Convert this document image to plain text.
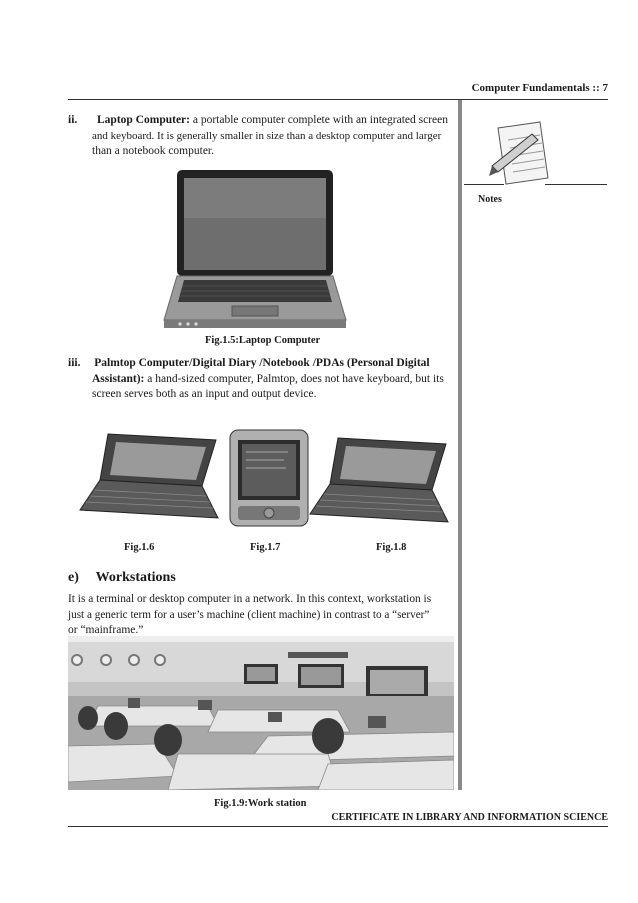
Computer Fundamentals :: 7
Notes
ii. Laptop Computer: a portable computer complete with an integrated screen
and keyboard. It is generally smaller in size than a desktop computer and larger
than a notebook computer.
Fig.1.5:Laptop Computer
iii. Palmtop Computer/Digital Diary /Notebook /PDAs (Personal Digital
Assistant): a hand-sized computer, Palmtop, does not have keyboard, but its
screen serves both as an input and output device.
Fig.1.6	Fig.1.7	Fig.1.8
e) Workstations
It is a terminal or desktop computer in a network. In this context, workstation is
just a generic term for a user’s machine (client machine) in contrast to a “server”
or “mainframe.”
Fig.1.9:Work station
CERTIFICATE IN LIBRARY AND INFORMATION SCIENCE
